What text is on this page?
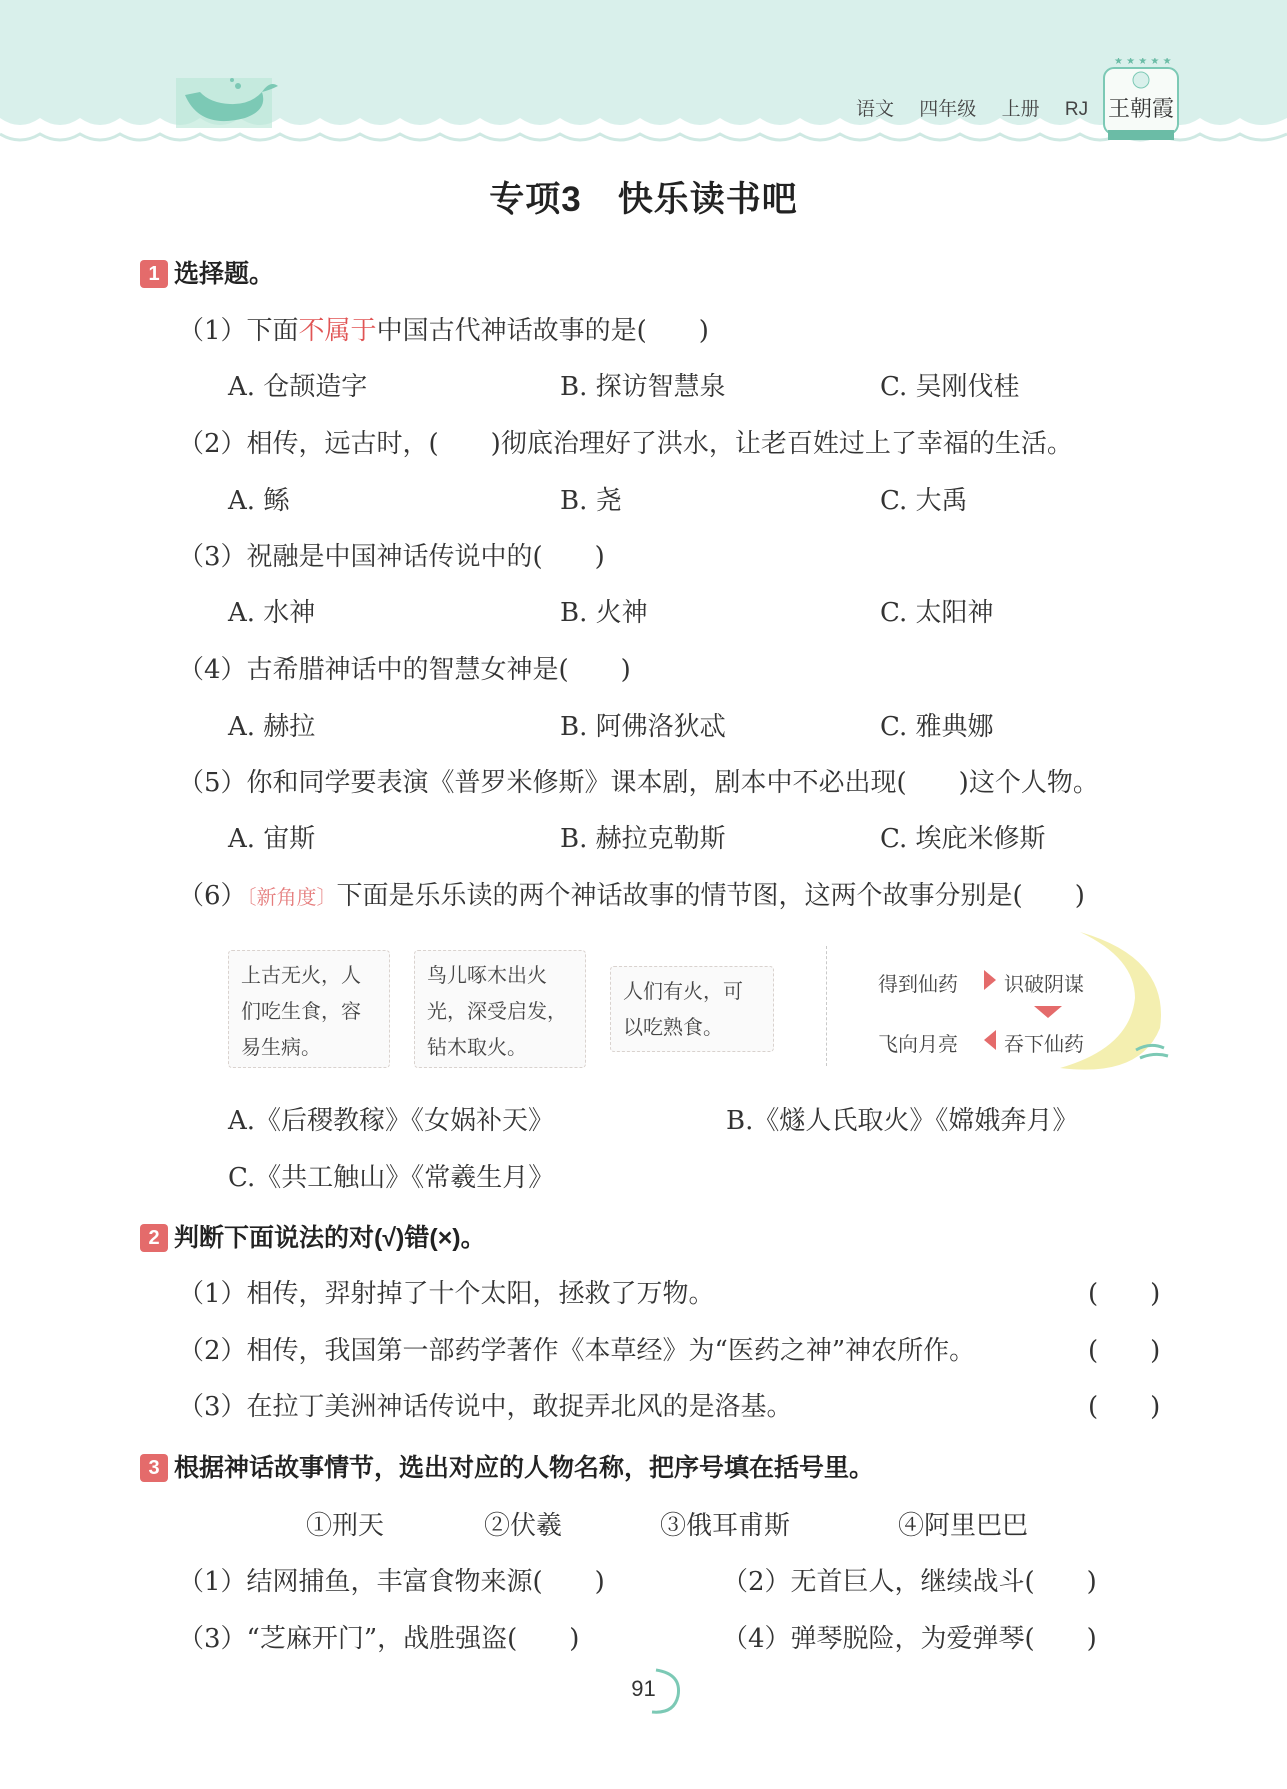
语文 四年级 上册 RJ
★ ★ ★ ★ ★
王朝霞
专项3　快乐读书吧
1 选择题。
（1）下面不属于中国古代神话故事的是(　　)
A. 仓颉造字	B. 探访智慧泉	C. 吴刚伐桂
（2）相传，远古时，(　　)彻底治理好了洪水，让老百姓过上了幸福的生活。
A. 鲧	B. 尧	C. 大禹
（3）祝融是中国神话传说中的(　　)
A. 水神	B. 火神	C. 太阳神
（4）古希腊神话中的智慧女神是(　　)
A. 赫拉	B. 阿佛洛狄忒	C. 雅典娜
（5）你和同学要表演《普罗米修斯》课本剧，剧本中不必出现(　　)这个人物。
A. 宙斯	B. 赫拉克勒斯	C. 埃庇米修斯
（6）〔新角度〕下面是乐乐读的两个神话故事的情节图，这两个故事分别是(　　)
上古无火，人
们吃生食，容
易生病。
鸟儿啄木出火
光，深受启发，
钻木取火。
人们有火，可
以吃熟食。
得到仙药 识破阴谋
吞下仙药
飞向月亮
A.《后稷教稼》《女娲补天》	B.《燧人氏取火》《嫦娥奔月》
C.《共工触山》《常羲生月》
2 判断下面说法的对(√)错(×)。
（1）相传，羿射掉了十个太阳，拯救了万物。	(　　)
（2）相传，我国第一部药学著作《本草经》为“医药之神”神农所作。	(　　)
（3）在拉丁美洲神话传说中，敢捉弄北风的是洛基。	(　　)
3 根据神话故事情节，选出对应的人物名称，把序号填在括号里。
①刑天	②伏羲	③俄耳甫斯	④阿里巴巴
（1）结网捕鱼，丰富食物来源(　　)	（2）无首巨人，继续战斗(　　)
（3）“芝麻开门”，战胜强盗(　　)	（4）弹琴脱险，为爱弹琴(　　)
91
